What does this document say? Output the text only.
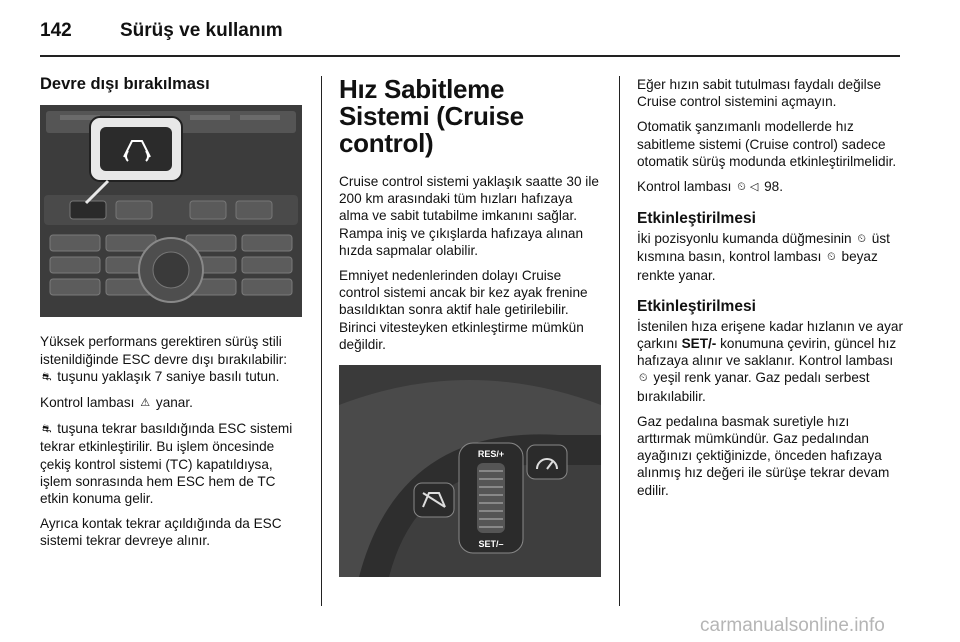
142	Sürüş ve kullanım
Devre dışı bırakılması

Yüksek performans gerektiren sürüş stili istenildiğinde ESC devre dışı bırakılabilir: ⛐ tuşunu yaklaşık 7 saniye basılı tutun.

Kontrol lambası ⚠ yanar.

⛐ tuşuna tekrar basıldığında ESC sistemi tekrar etkinleştirilir. Bu işlem öncesinde çekiş kontrol sistemi (TC) kapatıldıysa, işlem sonrasında hem ESC hem de TC etkin konuma gelir.

Ayrıca kontak tekrar açıldığında da ESC sistemi tekrar devreye alınır.

Hız Sabitleme Sistemi (Cruise control)

Cruise control sistemi yaklaşık saatte 30 ile 200 km arasındaki tüm hızları hafızaya alma ve sabit tutabilme imkanını sağlar. Rampa iniş ve çıkışlarda hafızaya alınan hızda sapmalar olabilir.

Emniyet nedenlerinden dolayı Cruise control sistemi ancak bir kez ayak frenine basıldıktan sonra aktif hale getirilebilir. Birinci vitesteyken etkinleştirme mümkün değildir.

RES/+
SET/–

Eğer hızın sabit tutulması faydalı değilse Cruise control sistemini açmayın.

Otomatik şanzımanlı modellerde hız sabitleme sistemi (Cruise control) sadece otomatik sürüş modunda etkinleştirilmelidir.

Kontrol lambası ⏲ ◁ 98.

Etkinleştirilmesi

İki pozisyonlu kumanda düğmesinin ⏲ üst kısmına basın, kontrol lambası ⏲ beyaz renkte yanar.

Etkinleştirilmesi

İstenilen hıza erişene kadar hızlanın ve ayar çarkını SET/- konumuna çevirin, güncel hız hafızaya alınır ve saklanır. Kontrol lambası ⏲ yeşil renk yanar. Gaz pedalı serbest bırakılabilir.

Gaz pedalına basmak suretiyle hızı arttırmak mümkündür. Gaz pedalından ayağınızı çektiğinizde, önceden hafızaya alınmış hız değeri ile sürüşe tekrar devam edilir.

carmanualsonline.info
